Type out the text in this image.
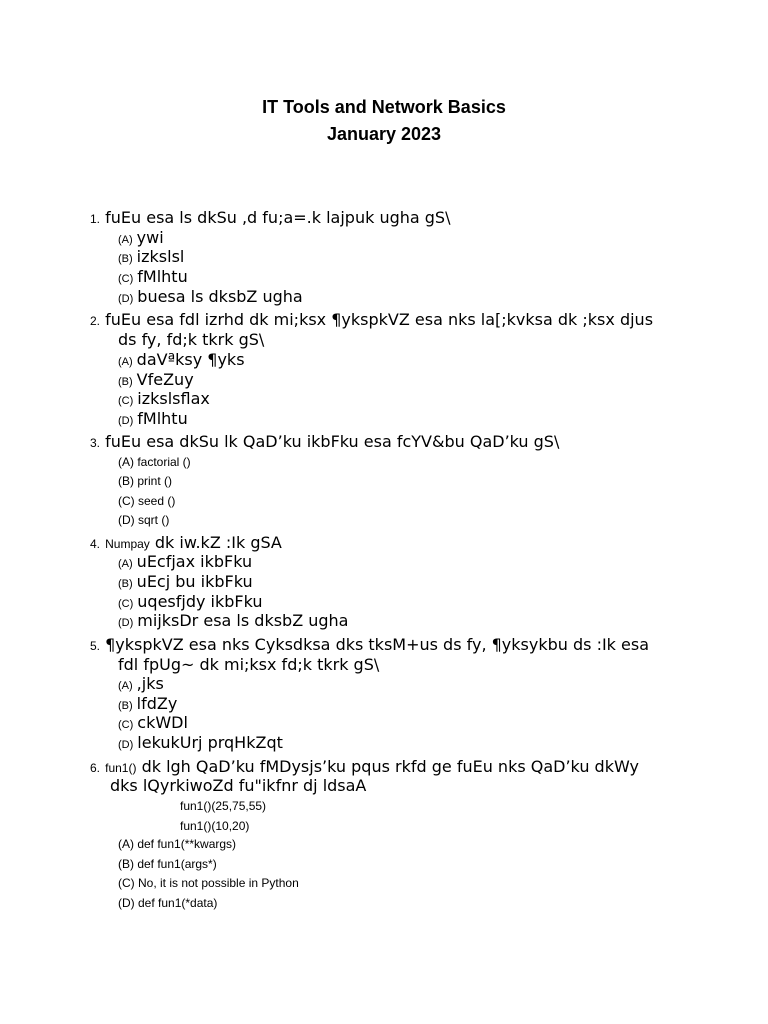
IT Tools and Network Basics
January 2023
1. fuEu esa ls dkSu ,d fu;a=.k lajpuk ugha gS\
(A) ywi
(B) izkslsl
(C) fMlhtu
(D) buesa ls dksbZ ugha
2. fuEu esa fdl izrhd dk mi;ksx ¶ykspkVZ esa nks la[;kvksa dk ;ksx djus
ds fy, fd;k tkrk gS\
(A) daVªksy ¶yks
(B) VfeZuy
(C) izkslsflax
(D) fMlhtu
3. fuEu esa dkSu lk QaD’ku ikbFku esa fcYV&bu QaD’ku gS\
(A) factorial ()
(B) print ()
(C) seed ()
(D) sqrt ()
4. Numpay dk iw.kZ :Ik gSA
(A) uEcfjax ikbFku
(B) uEcj bu ikbFku
(C) uqesfjdy ikbFku
(D) mijksDr esa ls dksbZ ugha
5. ¶ykspkVZ esa nks Cyksdksa dks tksM+us ds fy, ¶yksykbu ds :Ik esa
fdl fpUg~ dk mi;ksx fd;k tkrk gS\
(A) ,jks
(B) lfdZy
(C) ckWDl
(D) lekukUrj prqHkZqt
6. fun1() dk lgh QaD’ku fMDysjs’ku pqus rkfd ge fuEu nks QaD’ku dkWy
dks lQyrkiwoZd fu"ikfnr dj ldsaA
fun1()(25,75,55)
fun1()(10,20)
(A) def fun1(**kwargs)
(B) def fun1(args*)
(C) No, it is not possible in Python
(D) def fun1(*data)
